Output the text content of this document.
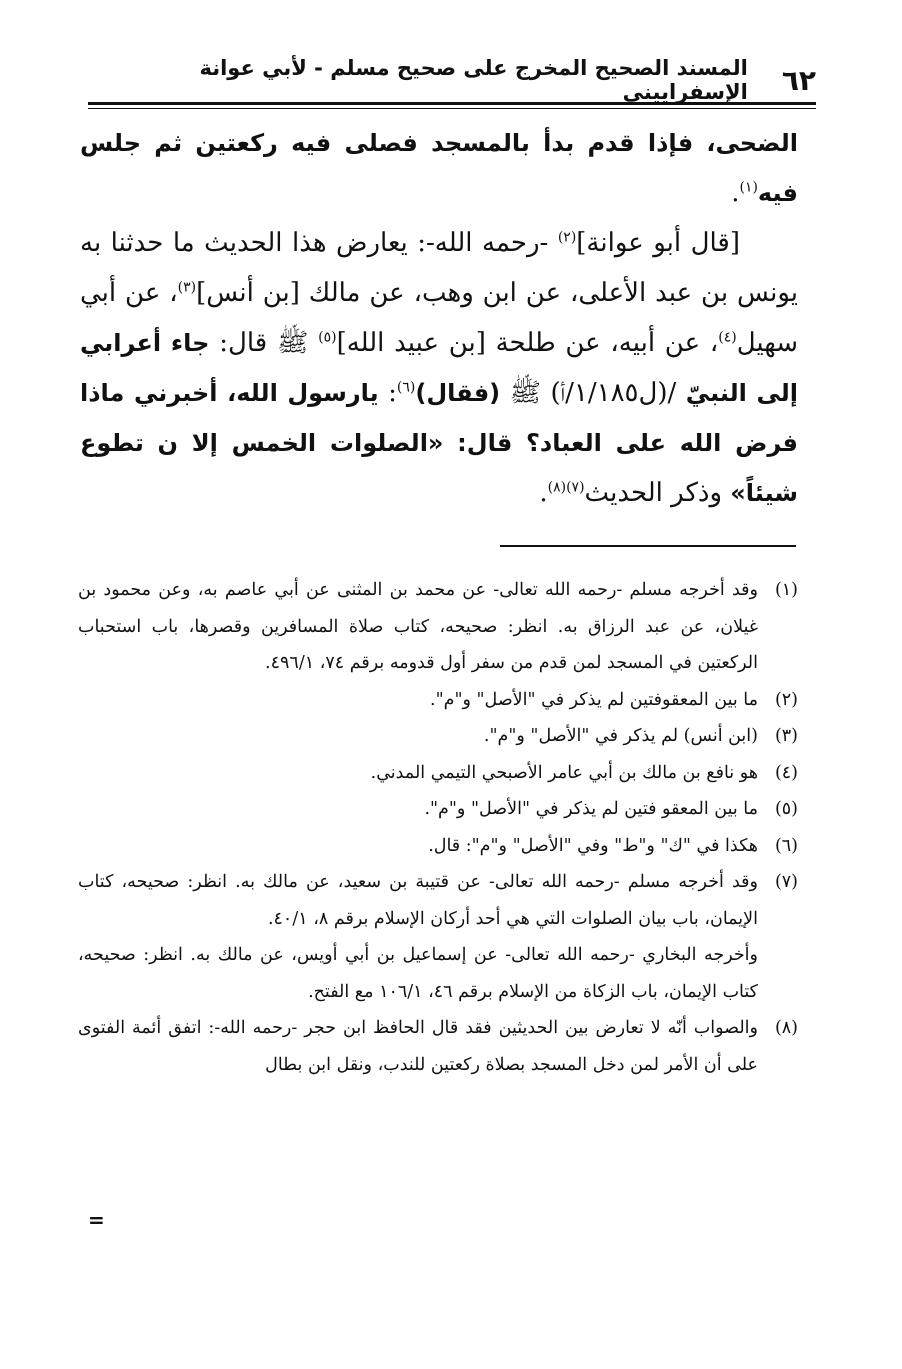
٦٢
المسند الصحيح المخرج على صحيح مسلم - لأبي عوانة الإسفراييني

الضحى، فإذا قدم بدأ بالمسجد فصلى فيه ركعتين ثم جلس فيه$^{(١)}$.

[قال أبو عوانة]$^{(٢)}$ -رحمه الله-: يعارض هذا الحديث ما حدثنا به يونس بن عبد الأعلى، عن ابن وهب، عن مالك [بن أنس]$^{(٣)}$، عن أبي سهيل$^{(٤)}$، عن أبيه، عن طلحة [بن عبيد الله]$^{(٥)}$ ﷺ قال: جاء أعرابي إلى النبيّ /(ل١/١٨٥/أ) ﷺ (فقال)$^{(٦)}$: يارسول الله، أخبرني ماذا فرض الله على العباد؟ قال: «الصلوات الخمس إلا ن تطوع شيئاً» وذكر الحديث$^{(٧)(٨)}$.

(١)وقد أخرجه مسلم -رحمه الله تعالى- عن محمد بن المثنى عن أبي عاصم به، وعن محمود بن غيلان، عن عبد الرزاق به. انظر: صحيحه، كتاب صلاة المسافرين وقصرها، باب استحباب الركعتين في المسجد لمن قدم من سفر أول قدومه برقم ٧٤، ٤٩٦/١.

(٢)ما بين المعقوفتين لم يذكر في "الأصل" و"م".

(٣)(ابن أنس) لم يذكر في "الأصل" و"م".

(٤)هو نافع بن مالك بن أبي عامر الأصبحي التيمي المدني.

(٥)ما بين المعقو فتين لم يذكر في "الأصل" و"م".

(٦)هكذا في "ك" و"ط" وفي "الأصل" و"م": قال.

(٧)وقد أخرجه مسلم -رحمه الله تعالى- عن قتيبة بن سعيد، عن مالك به. انظر: صحيحه، كتاب الإيمان، باب بيان الصلوات التي هي أحد أركان الإسلام برقم ٨، ٤٠/١.

وأخرجه البخاري -رحمه الله تعالى- عن إسماعيل بن أبي أويس، عن مالك به. انظر: صحيحه، كتاب الإيمان، باب الزكاة من الإسلام برقم ٤٦، ١٠٦/١ مع الفتح.

(٨)والصواب أنّه لا تعارض بين الحديثين فقد قال الحافظ ابن حجر -رحمه الله-: اتفق أئمة الفتوى على أن الأمر لمن دخل المسجد بصلاة ركعتين للندب، ونقل ابن بطال

=
